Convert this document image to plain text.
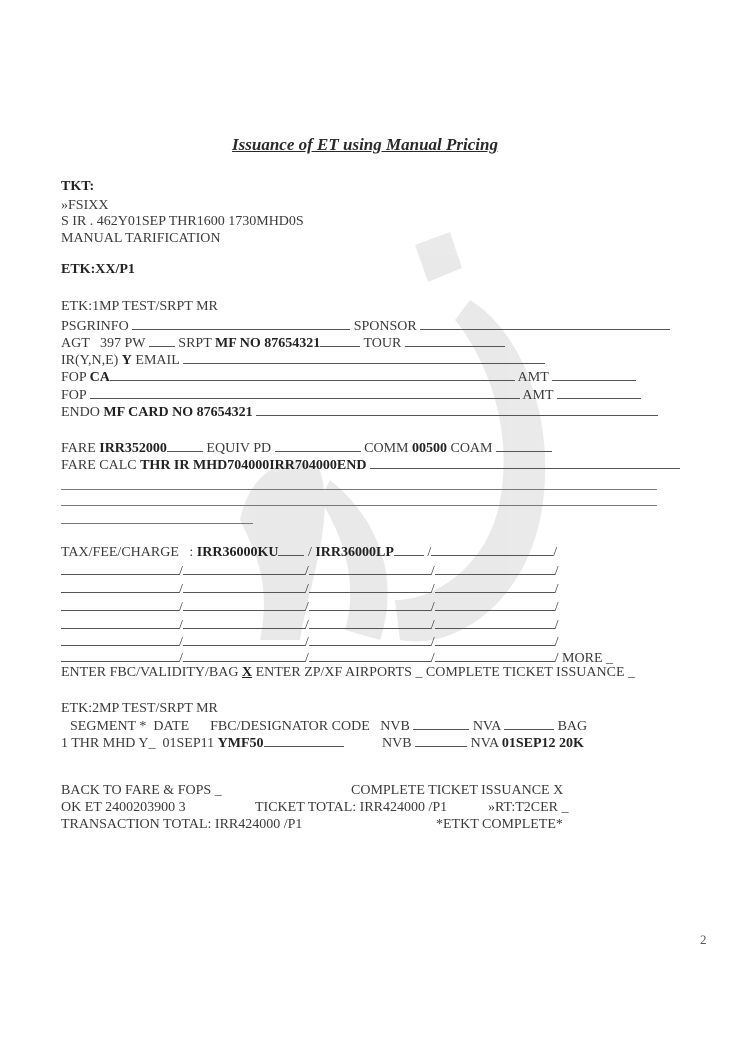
Issuance of ET using Manual Pricing
TKT:
»FSIXX
S IR . 462Y01SEP THR1600 1730MHD0S
MANUAL TARIFICATION
ETK:XX/P1
ETK:1MP TEST/SRPT MR
PSGRINFO	SPONSOR
AGT   397 PW SRPT MF NO 87654321	TOUR
IR(Y,N,E) Y EMAIL
FOP CA	AMT
FOP	AMT
ENDO MF CARD NO 87654321
FARE IRR352000	EQUIV PD	COMM 00500 COAM
FARE CALC THR IR MHD704000IRR704000END
TAX/FEE/CHARGE   : IRR36000KU / IRR36000LP /	/
/	/	/	/
/	/	/	/
/	/	/	/
/	/	/	/
/	/	/	/
/	/	/	/ MORE _
ENTER FBC/VALIDITY/BAG X ENTER ZP/XF AIRPORTS _ COMPLETE TICKET ISSUANCE _
ETK:2MP TEST/SRPT MR
SEGMENT *  DATE FBC/DESIGNATOR CODE NVB	NVA	BAG
1 THR MHD Y_  01SEP11 YMF50	NVB	NVA 01SEP12 20K
BACK TO FARE & FOPS _	COMPLETE TICKET ISSUANCE X
OK ET 2400203900 3	TICKET TOTAL: IRR424000 /P1	»RT:T2CER _
TRANSACTION TOTAL: IRR424000 /P1	*ETKT COMPLETE*
2
